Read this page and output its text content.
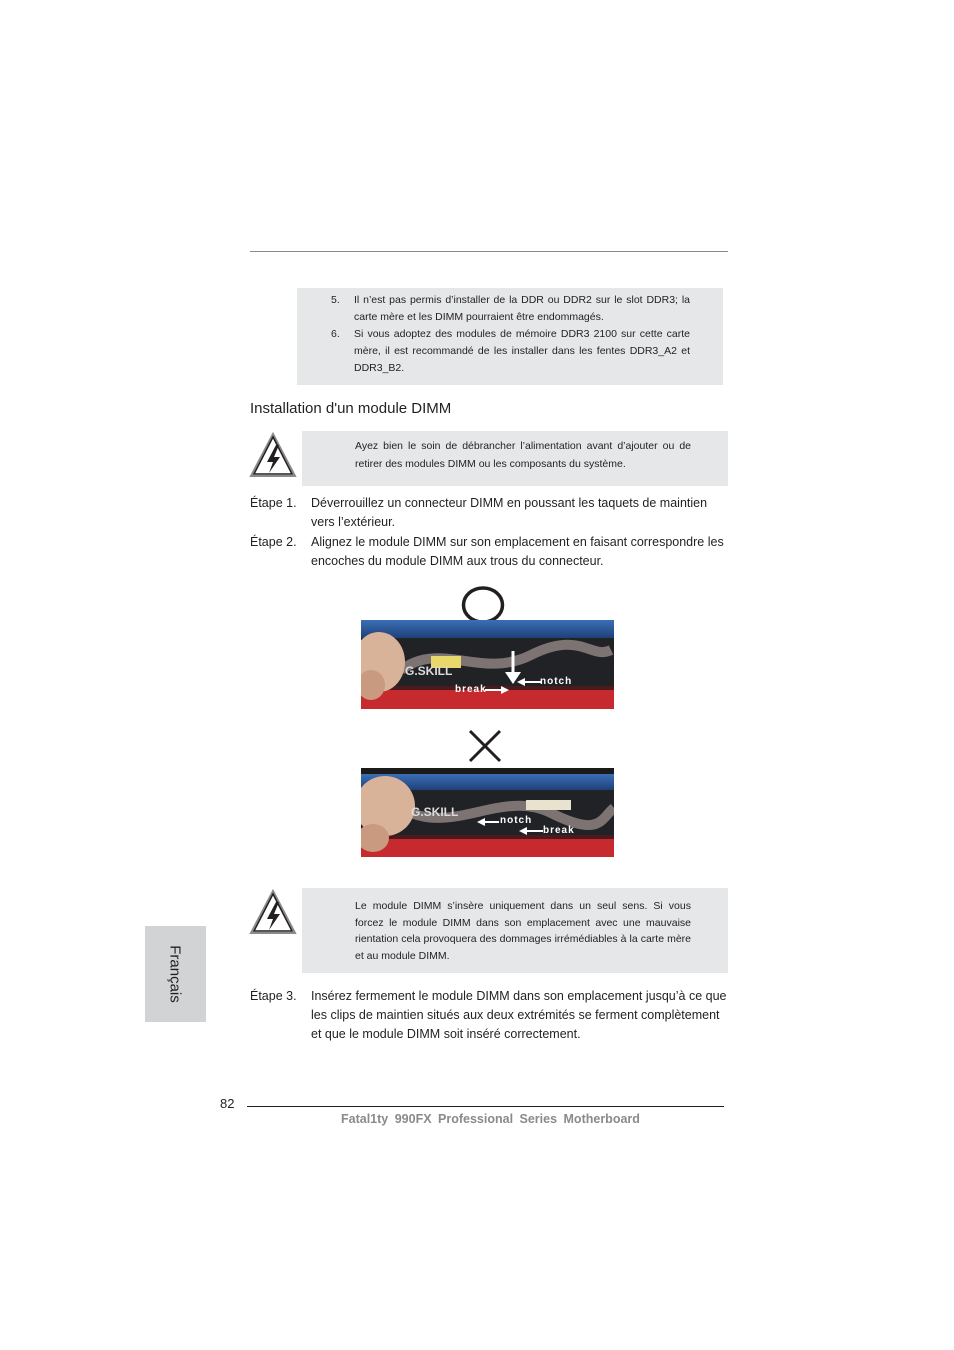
5. Il n’est pas permis d’installer de la DDR ou DDR2 sur le slot DDR3; la carte mère et les DIMM pourraient être endommagés.
6. Si vous adoptez des modules de mémoire DDR3 2100 sur cette carte mère, il est recommandé de les installer dans les fentes DDR3_A2 et DDR3_B2.
Installation d'un module DIMM
Ayez bien le soin de débrancher l’alimentation avant d’ajouter ou de retirer des modules DIMM ou les composants du système.
Étape 1. Déverrouillez un connecteur DIMM en poussant les taquets de maintien vers l’extérieur.
Étape 2. Alignez le module DIMM sur son emplacement en faisant correspondre les encoches du module DIMM aux trous du connecteur.
G.SKILL
notch
break
G.SKILL
notch
break
Le module DIMM s’insère uniquement dans un seul sens. Si vous forcez le module DIMM dans son emplacement avec une mauvaise rientation cela provoquera des dommages irrémédiables à la carte mère et au module DIMM.
Français	Étape 3. Insérez fermement le module DIMM dans son emplacement jusqu’à ce que les clips de maintien situés aux deux extrémités se ferment complètement et que le module DIMM soit inséré correctement.
82
Fatal1ty 990FX Professional Series Motherboard
